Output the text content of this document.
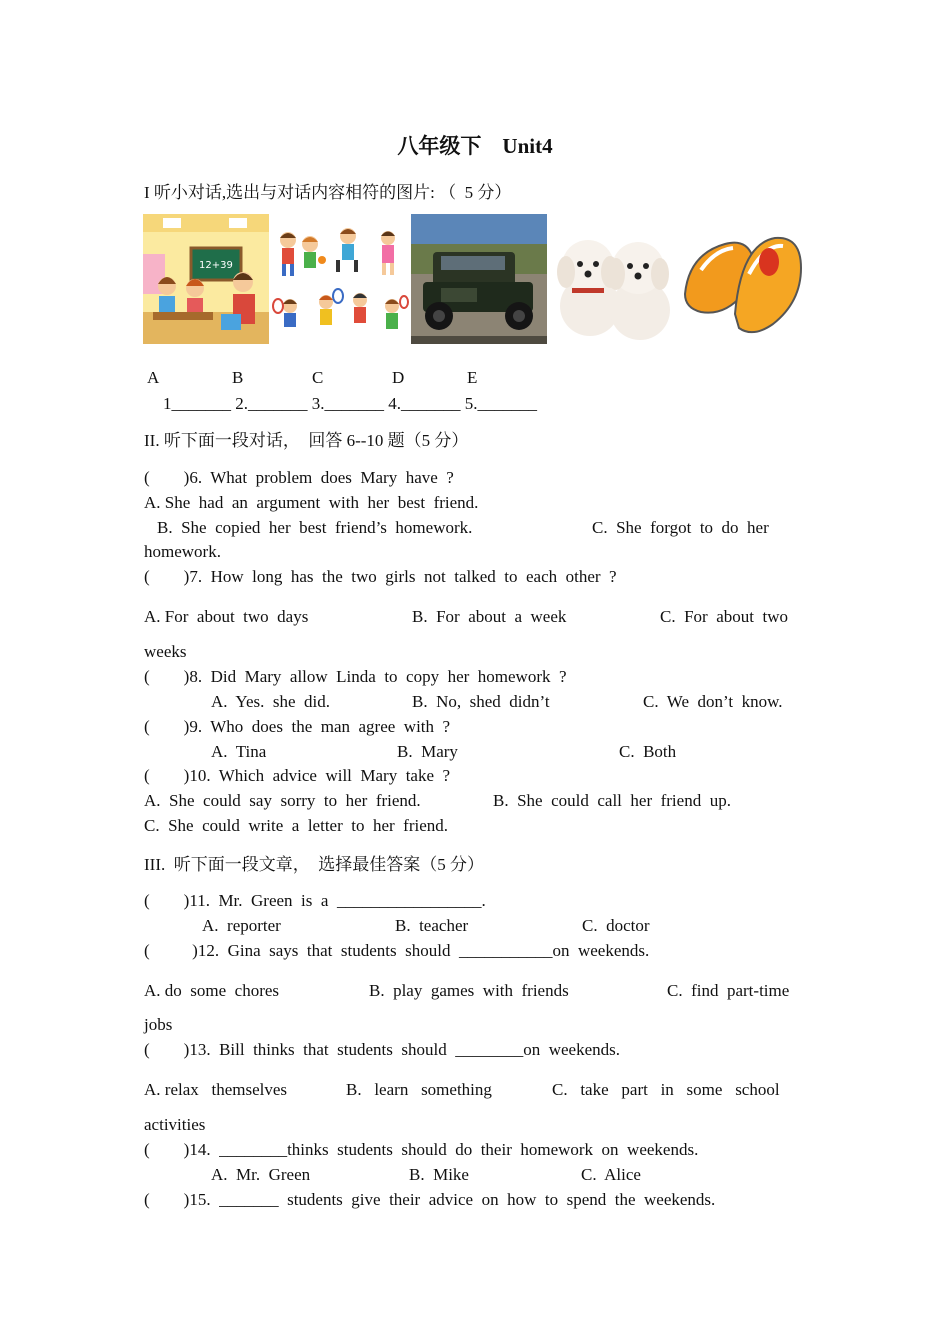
八年级下　Unit4
I 听小对话,选出与对话内容相符的图片: （  5 分）
12+39
A	B	C	D	E
1_______ 2._______ 3._______ 4._______ 5._______
II. 听下面一段对话，  回答 6--10 题（5 分）
(        )6.  What  problem  does  Mary  have  ?
A. She  had  an  argument  with  her  best  friend.
B.  She  copied  her  best  friend’s  homework.	C.  She  forgot  to  do  her
homework.
(        )7.  How  long  has  the  two  girls  not  talked  to  each  other  ?
A. For  about  two  days	B.  For  about  a  week	C.  For  about  two
weeks
(        )8.  Did  Mary  allow  Linda  to  copy  her  homework  ?
A.  Yes.  she  did.	B.  No,  shed  didn’t	C.  We  don’t  know.
(        )9.  Who  does  the  man  agree  with  ?
A.  Tina	B.  Mary	C.  Both
(        )10.  Which  advice  will  Mary  take  ?
A.  She  could  say  sorry  to  her  friend.	B.  She  could  call  her  friend  up.
C.  She  could  write  a  letter  to  her  friend.
III.  听下面一段文章，  选择最佳答案（5 分）
(        )11.  Mr.  Green  is  a  _________________.
A.  reporter	B.  teacher	C.  doctor
(          )12.  Gina  says  that  students  should  ___________on  weekends.
A. do  some  chores	B.  play  games  with  friends	C.  find  part-time
jobs
(        )13.  Bill  thinks  that  students  should  ________on  weekends.
A. relax   themselves	B.   learn   something	C.   take   part   in   some   school
activities
(        )14.  ________thinks  students  should  do  their  homework  on  weekends.
A.  Mr.  Green	B.  Mike	C.  Alice
(        )15.  _______  students  give  their  advice  on  how  to  spend  the  weekends.
